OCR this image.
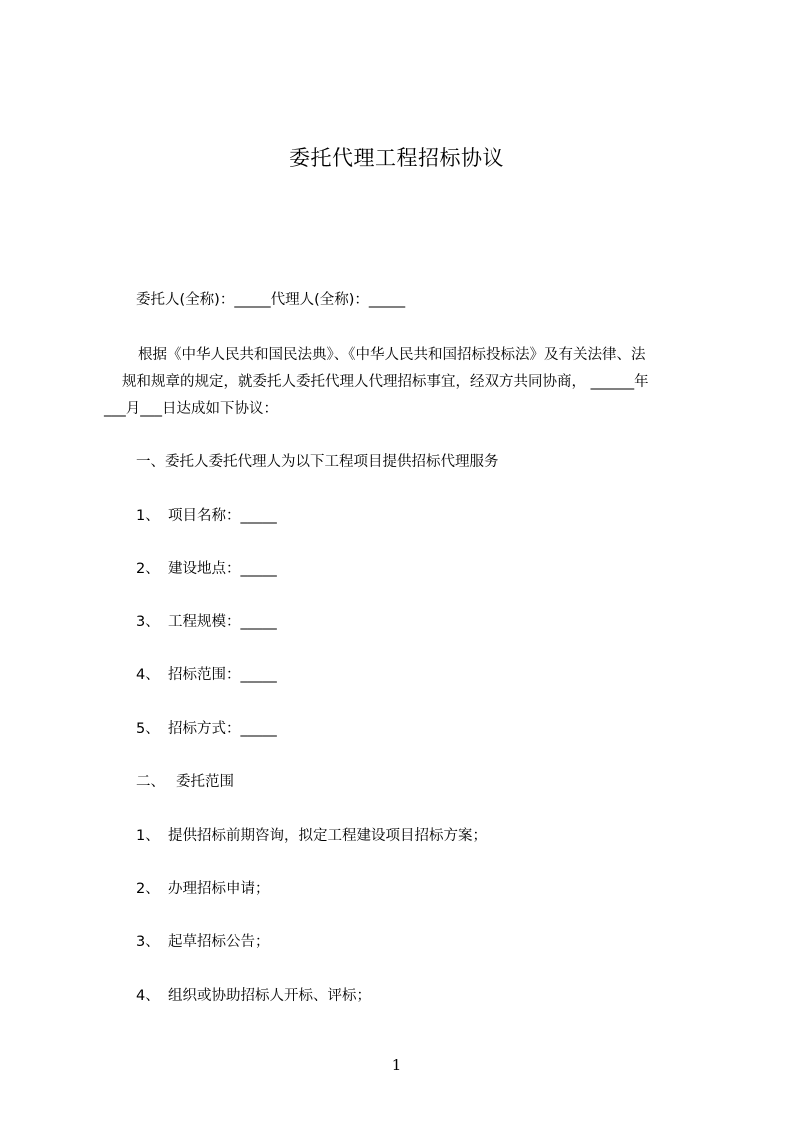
委托代理工程招标协议
委托人(全称)：_____代理人(全称)：_____
根据《中华人民共和国民法典》、《中华人民共和国招标投标法》及有关法律、法
规和规章的规定，就委托人委托代理人代理招标事宜，经双方共同协商， ______年
___月___日达成如下协议：
一、委托人委托代理人为以下工程项目提供招标代理服务
1、 项目名称：_____
2、 建设地点：_____
3、 工程规模：_____
4、 招标范围：_____
5、 招标方式：_____
二、 委托范围
1、 提供招标前期咨询，拟定工程建设项目招标方案；
2、 办理招标申请；
3、 起草招标公告；
4、 组织或协助招标人开标、评标；
1
